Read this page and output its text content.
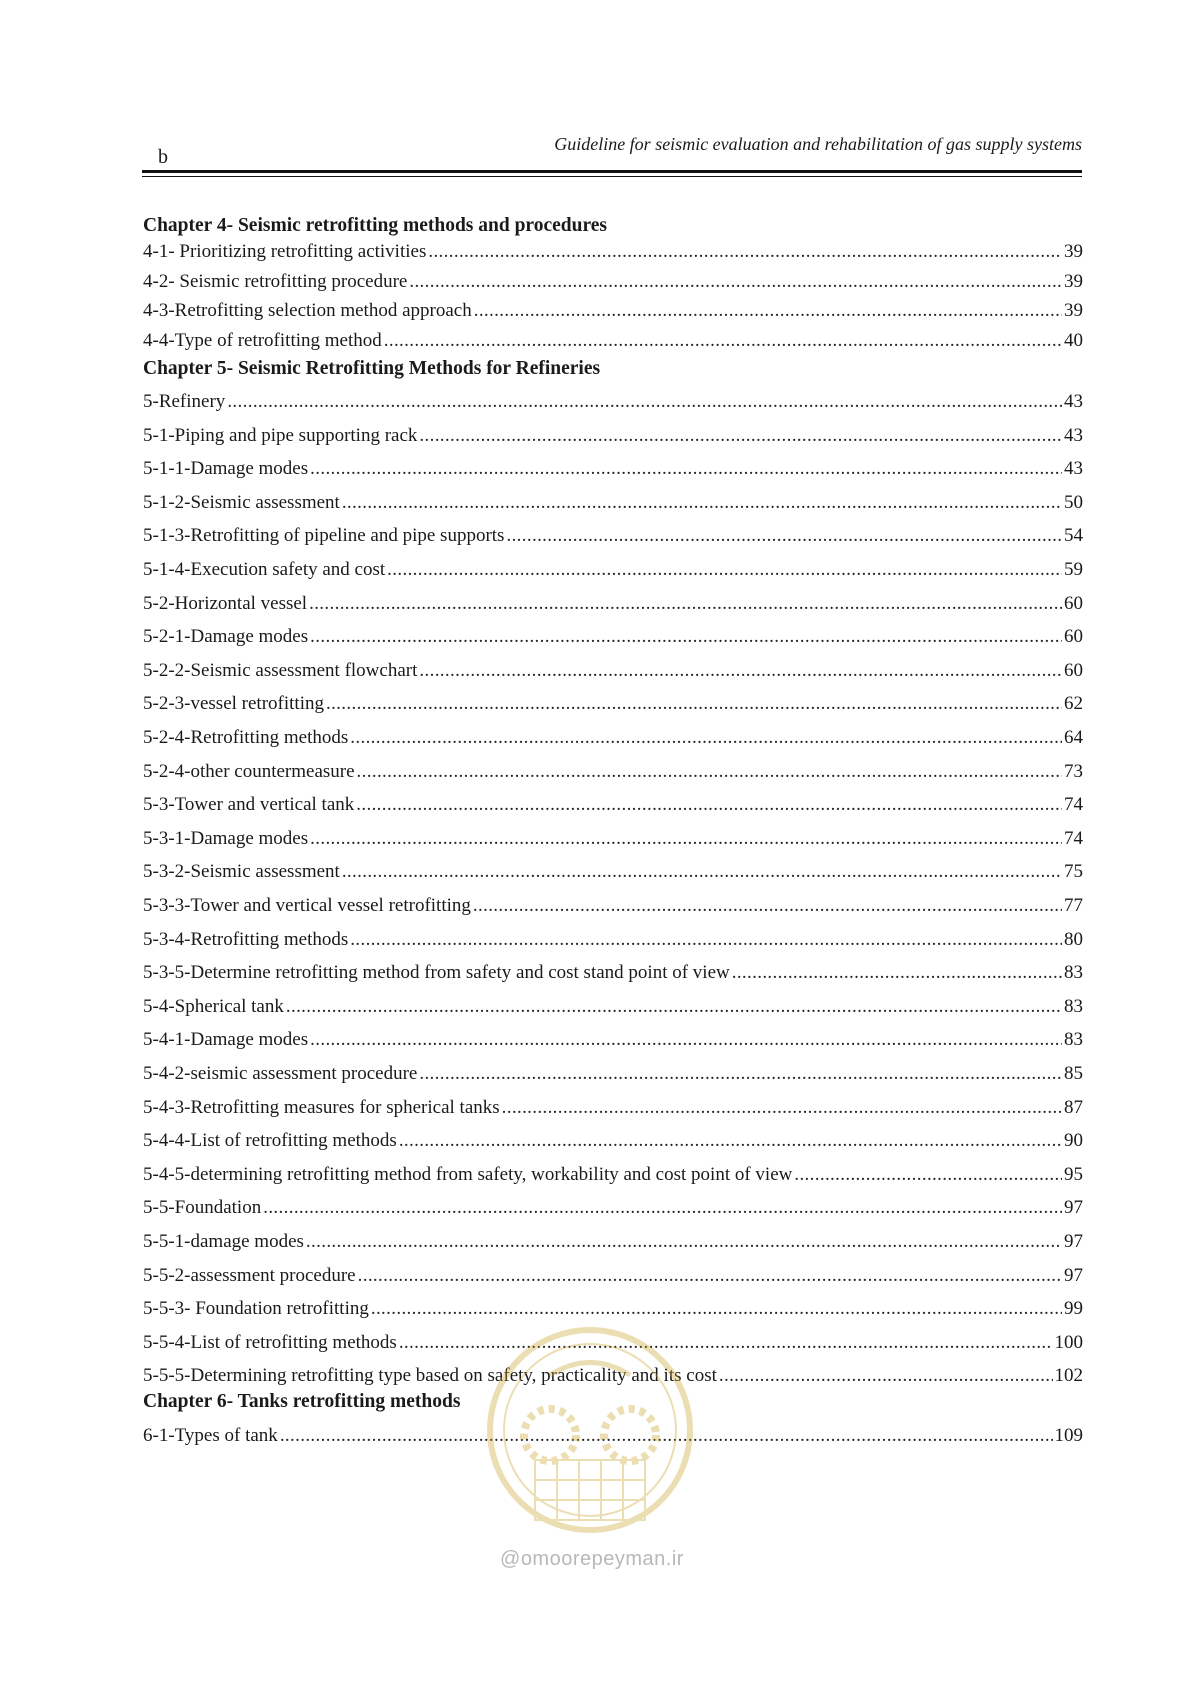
b
Guideline for seismic evaluation and rehabilitation of gas supply systems
Chapter 4- Seismic retrofitting methods and procedures
4-1- Prioritizing retrofitting activities . . .	39
4-2- Seismic retrofitting procedure . . .	39
4-3-Retrofitting selection method approach . . .	39
4-4-Type of retrofitting method . . .	40
Chapter 5- Seismic Retrofitting Methods for Refineries
5-Refinery . . .	43
5-1-Piping and pipe supporting rack . . .	43
5-1-1-Damage modes . . .	43
5-1-2-Seismic assessment . . .	50
5-1-3-Retrofitting of pipeline and pipe supports . . .	54
5-1-4-Execution safety and cost . . .	59
5-2-Horizontal vessel . . .	60
5-2-1-Damage modes . . .	60
5-2-2-Seismic assessment flowchart . . .	60
5-2-3-vessel retrofitting . . .	62
5-2-4-Retrofitting methods . . .	64
5-2-4-other countermeasure . . .	73
5-3-Tower and vertical tank . . .	74
5-3-1-Damage modes . . .	74
5-3-2-Seismic assessment . . .	75
5-3-3-Tower and vertical vessel retrofitting . . .	77
5-3-4-Retrofitting methods . . .	80
5-3-5-Determine retrofitting method from safety and cost stand point of view . . .	83
5-4-Spherical tank . . .	83
5-4-1-Damage modes . . .	83
5-4-2-seismic assessment procedure . . .	85
5-4-3-Retrofitting measures for spherical tanks . . .	87
5-4-4-List of retrofitting methods . . .	90
5-4-5-determining retrofitting method from safety, workability and cost point of view . . .	95
5-5-Foundation . . .	97
5-5-1-damage modes . . .	97
5-5-2-assessment procedure . . .	97
5-5-3- Foundation retrofitting . . .	99
5-5-4-List of retrofitting methods . . .	100
5-5-5-Determining retrofitting type based on safety, practicality and its cost . . .	102
Chapter 6- Tanks retrofitting methods
6-1-Types of tank . . .	109
@omoorepeyman.ir
